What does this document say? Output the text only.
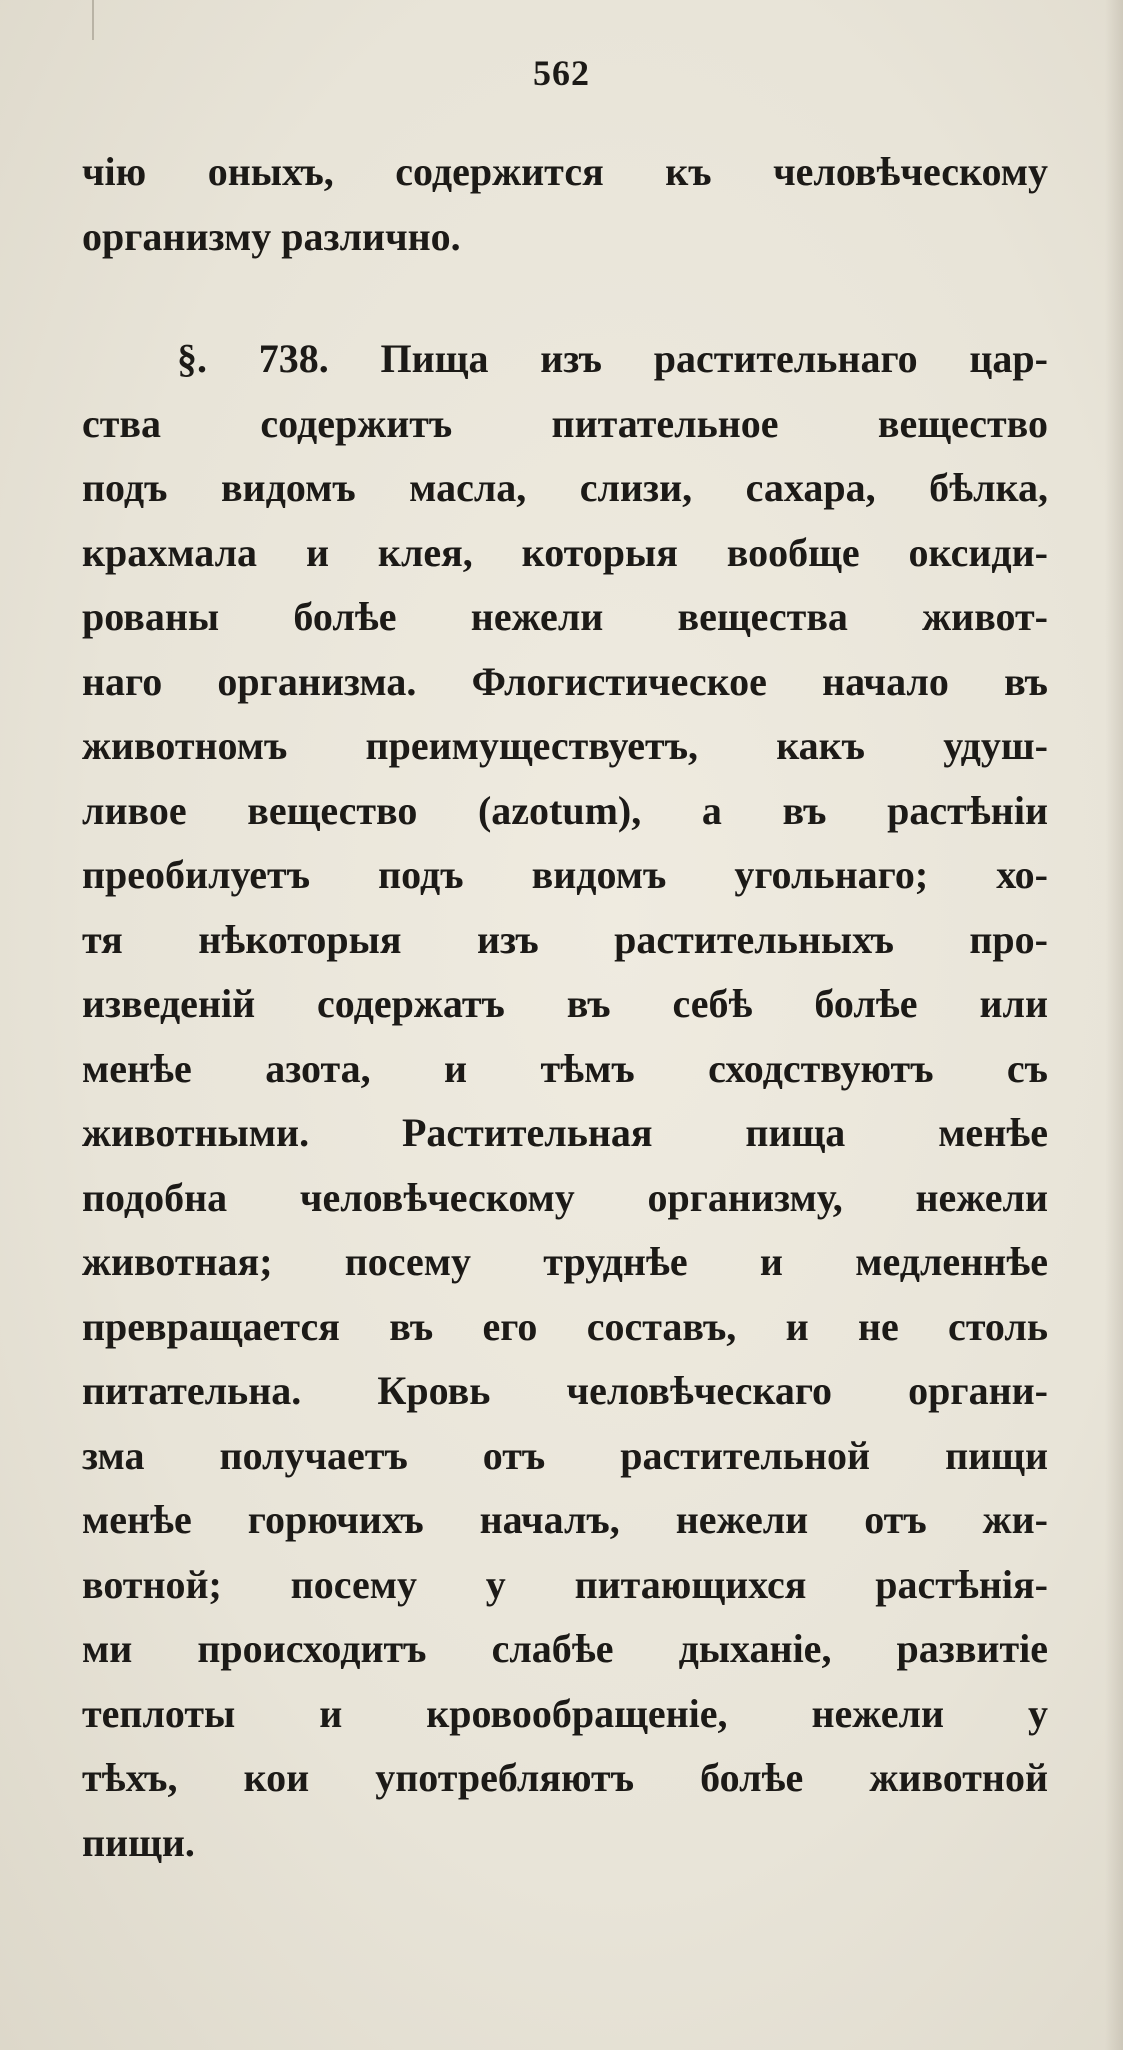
562
чію оныхъ, содержится къ человѣческому
организму различно.
§. 738. Пища изъ растительнаго цар-
ства содержитъ питательное вещество
подъ видомъ масла, слизи, сахара, бѣлка,
крахмала и клея, которыя вообще оксиди-
рованы болѣе нежели вещества живот-
наго организма. Флогистическое начало въ
животномъ преимуществуетъ, какъ удуш-
ливое вещество (azotum), а въ растѣніи
преобилуетъ подъ видомъ угольнаго; хо-
тя нѣкоторыя изъ растительныхъ про-
изведеній содержатъ въ себѣ болѣе или
менѣе азота, и тѣмъ сходствуютъ съ
животными. Растительная пища менѣе
подобна человѣческому организму, нежели
животная; посему труднѣе и медленнѣе
превращается въ его составъ, и не столь
питательна. Кровь человѣческаго органи-
зма получаетъ отъ растительной пищи
менѣе горючихъ началъ, нежели отъ жи-
вотной; посему у питающихся растѣнія-
ми происходитъ слабѣе дыханіе, развитіе
теплоты и кровообращеніе, нежели у
тѣхъ, кои употребляютъ болѣе животной
пищи.
